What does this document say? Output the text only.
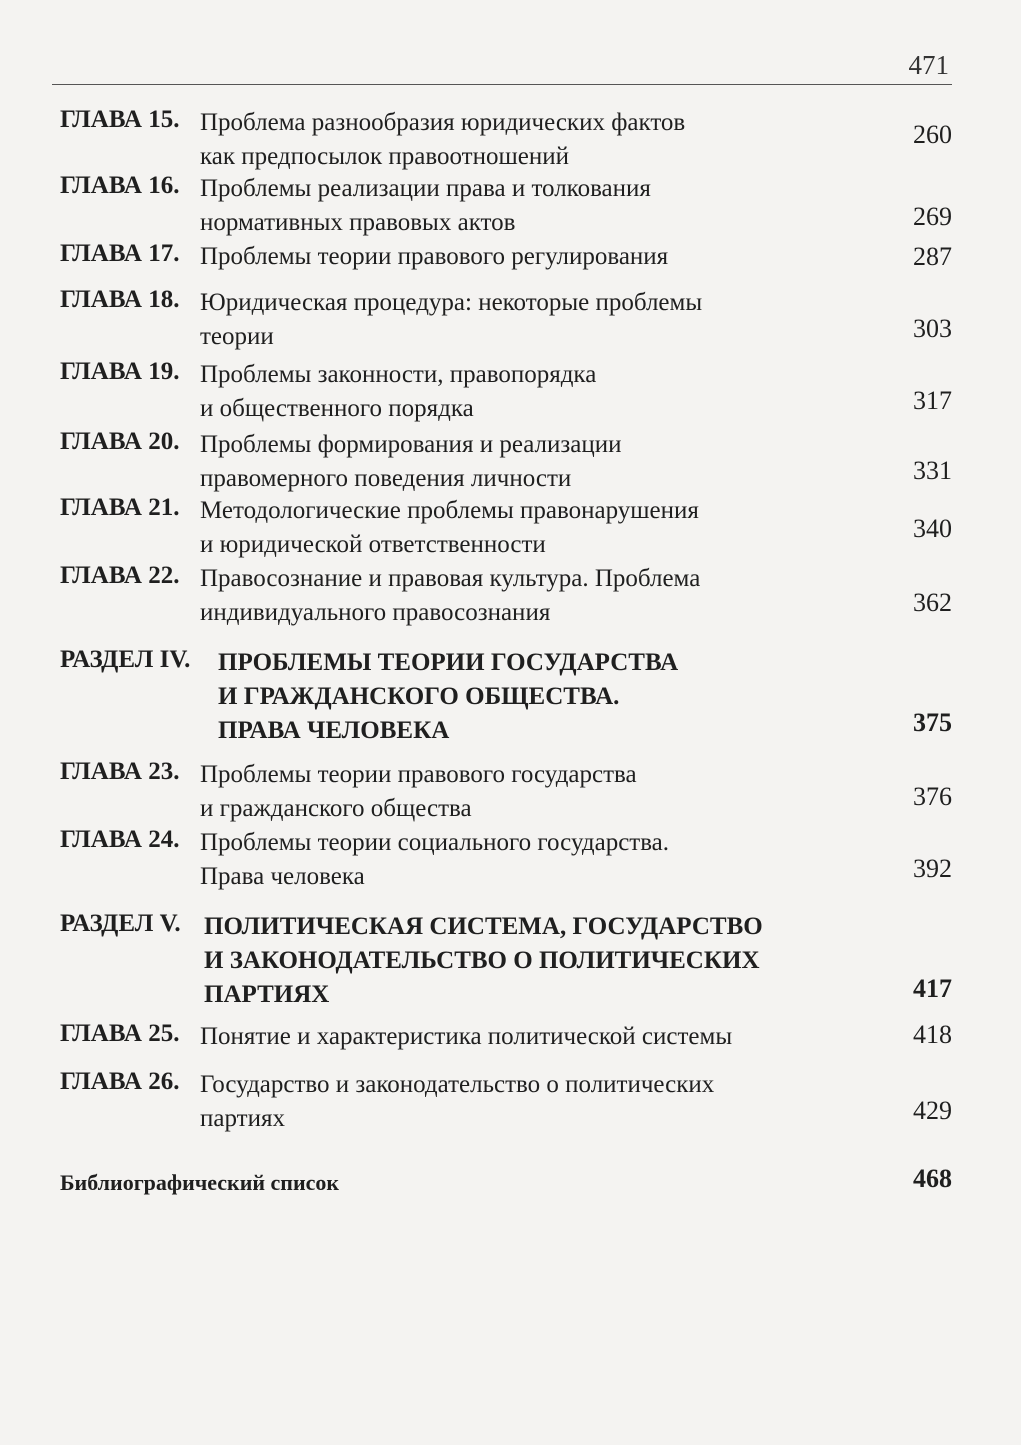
471
ГЛАВА 15. Проблема разнообразия юридических фактов
как предпосылок правоотношений
260
ГЛАВА 16. Проблемы реализации права и толкования
нормативных правовых актов	269
ГЛАВА 17. Проблемы теории правового регулирования	287
ГЛАВА 18. Юридическая процедура: некоторые проблемы
теории	303
ГЛАВА 19. Проблемы законности, правопорядка
и общественного порядка	317
ГЛАВА 20. Проблемы формирования и реализации
правомерного поведения личности	331
ГЛАВА 21. Методологические проблемы правонарушения
и юридической ответственности
340
ГЛАВА 22. Правосознание и правовая культура. Проблема
индивидуального правосознания	362
РАЗДЕЛ IV. ПРОБЛЕМЫ ТЕОРИИ ГОСУДАРСТВА
И ГРАЖДАНСКОГО ОБЩЕСТВА.
ПРАВА ЧЕЛОВЕКА	375
ГЛАВА 23. Проблемы теории правового государства
и гражданского общества	376
ГЛАВА 24. Проблемы теории социального государства.
Права человека	392
РАЗДЕЛ V. ПОЛИТИЧЕСКАЯ СИСТЕМА, ГОСУДАРСТВО
И ЗАКОНОДАТЕЛЬСТВО О ПОЛИТИЧЕСКИХ
ПАРТИЯХ	417
ГЛАВА 25. Понятие и характеристика политической системы	418
ГЛАВА 26. Государство и законодательство о политических
партиях	429
Библиографический список	468
